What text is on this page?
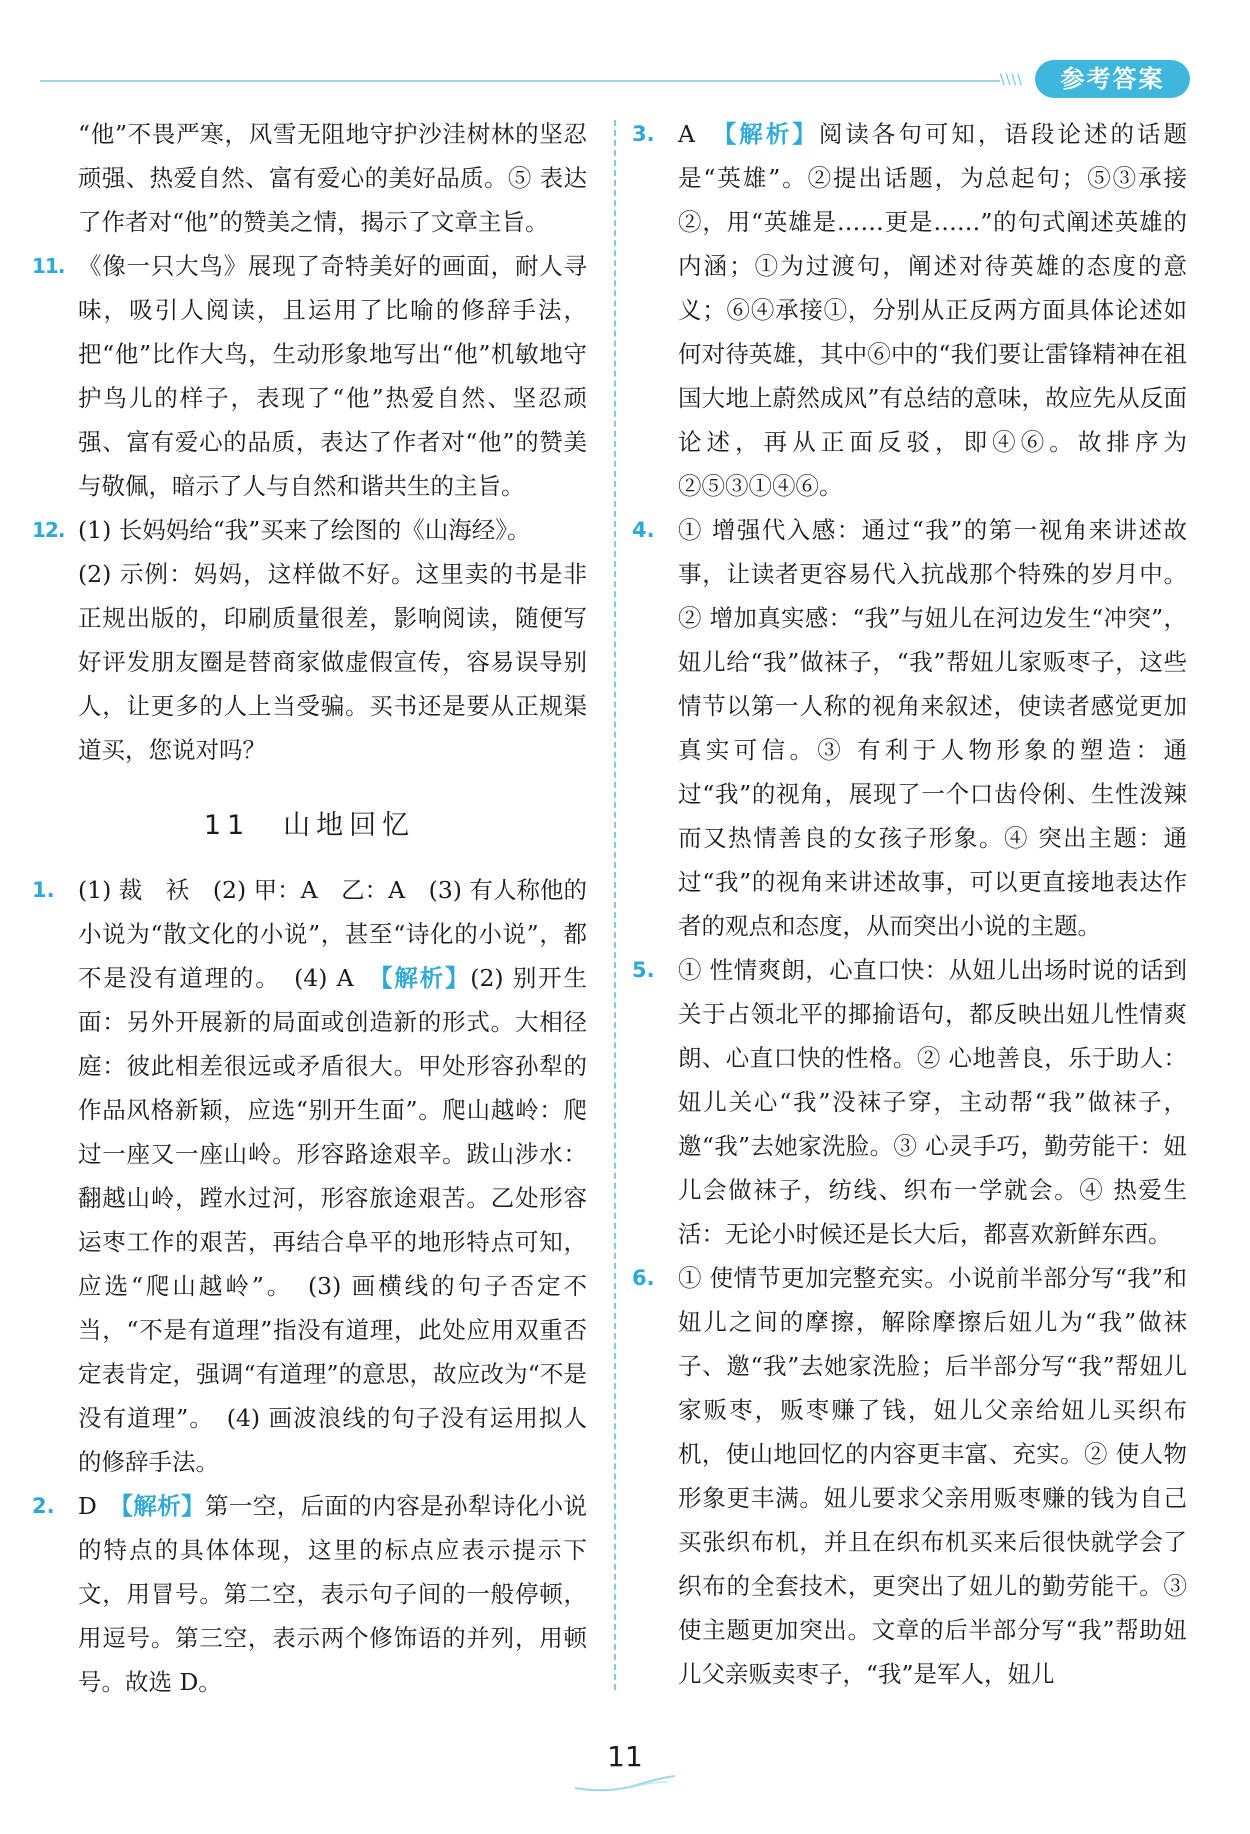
\\\\	参考答案
“他”不畏严寒，风雪无阻地守护沙洼树林的坚忍顽强、热爱自然、富有爱心的美好品质。⑤ 表达了作者对“他”的赞美之情，揭示了文章主旨。
11. 《像一只大鸟》展现了奇特美好的画面，耐人寻味，吸引人阅读，且运用了比喻的修辞手法，把“他”比作大鸟，生动形象地写出“他”机敏地守护鸟儿的样子，表现了“他”热爱自然、坚忍顽强、富有爱心的品质，表达了作者对“他”的赞美与敬佩，暗示了人与自然和谐共生的主旨。
12. (1) 长妈妈给“我”买来了绘图的《山海经》。

(2) 示例：妈妈，这样做不好。这里卖的书是非正规出版的，印刷质量很差，影响阅读，随便写好评发朋友圈是替商家做虚假宣传，容易误导别人，让更多的人上当受骗。买书还是要从正规渠道买，您说对吗？

11　山地回忆
1. (1) 裁　袄　(2) 甲：A　乙：A　(3) 有人称他的小说为“散文化的小说”，甚至“诗化的小说”，都不是没有道理的。　(4) A　【解析】(2) 别开生面：另外开展新的局面或创造新的形式。大相径庭：彼此相差很远或矛盾很大。甲处形容孙犁的作品风格新颖，应选“别开生面”。爬山越岭：爬过一座又一座山岭。形容路途艰辛。跋山涉水：翻越山岭，蹚水过河，形容旅途艰苦。乙处形容运枣工作的艰苦，再结合阜平的地形特点可知，应选“爬山越岭”。　(3) 画横线的句子否定不当，“不是有道理”指没有道理，此处应用双重否定表肯定，强调“有道理”的意思，故应改为“不是没有道理”。　(4) 画波浪线的句子没有运用拟人的修辞手法。
2. D　【解析】第一空，后面的内容是孙犁诗化小说的特点的具体体现，这里的标点应表示提示下文，用冒号。第二空，表示句子间的一般停顿，用逗号。第三空，表示两个修饰语的并列，用顿号。故选 D。
3. A　【解析】阅读各句可知，语段论述的话题是“英雄”。②提出话题，为总起句；⑤③承接②，用“英雄是……更是……”的句式阐述英雄的内涵；①为过渡句，阐述对待英雄的态度的意义；⑥④承接①，分别从正反两方面具体论述如何对待英雄，其中⑥中的“我们要让雷锋精神在祖国大地上蔚然成风”有总结的意味，故应先从反面论述，再从正面反驳，即④⑥。故排序为②⑤③①④⑥。
4. ① 增强代入感：通过“我”的第一视角来讲述故事，让读者更容易代入抗战那个特殊的岁月中。② 增加真实感：“我”与妞儿在河边发生“冲突”，妞儿给“我”做袜子，“我”帮妞儿家贩枣子，这些情节以第一人称的视角来叙述，使读者感觉更加真实可信。③ 有利于人物形象的塑造：通过“我”的视角，展现了一个口齿伶俐、生性泼辣而又热情善良的女孩子形象。④ 突出主题：通过“我”的视角来讲述故事，可以更直接地表达作者的观点和态度，从而突出小说的主题。
5. ① 性情爽朗，心直口快：从妞儿出场时说的话到关于占领北平的揶揄语句，都反映出妞儿性情爽朗、心直口快的性格。② 心地善良，乐于助人：妞儿关心“我”没袜子穿，主动帮“我”做袜子，邀“我”去她家洗脸。③ 心灵手巧，勤劳能干：妞儿会做袜子，纺线、织布一学就会。④ 热爱生活：无论小时候还是长大后，都喜欢新鲜东西。
6. ① 使情节更加完整充实。小说前半部分写“我”和妞儿之间的摩擦，解除摩擦后妞儿为“我”做袜子、邀“我”去她家洗脸；后半部分写“我”帮妞儿家贩枣，贩枣赚了钱，妞儿父亲给妞儿买织布机，使山地回忆的内容更丰富、充实。② 使人物形象更丰满。妞儿要求父亲用贩枣赚的钱为自己买张织布机，并且在织布机买来后很快就学会了织布的全套技术，更突出了妞儿的勤劳能干。③ 使主题更加突出。文章的后半部分写“我”帮助妞儿父亲贩卖枣子，“我”是军人，妞儿
11
